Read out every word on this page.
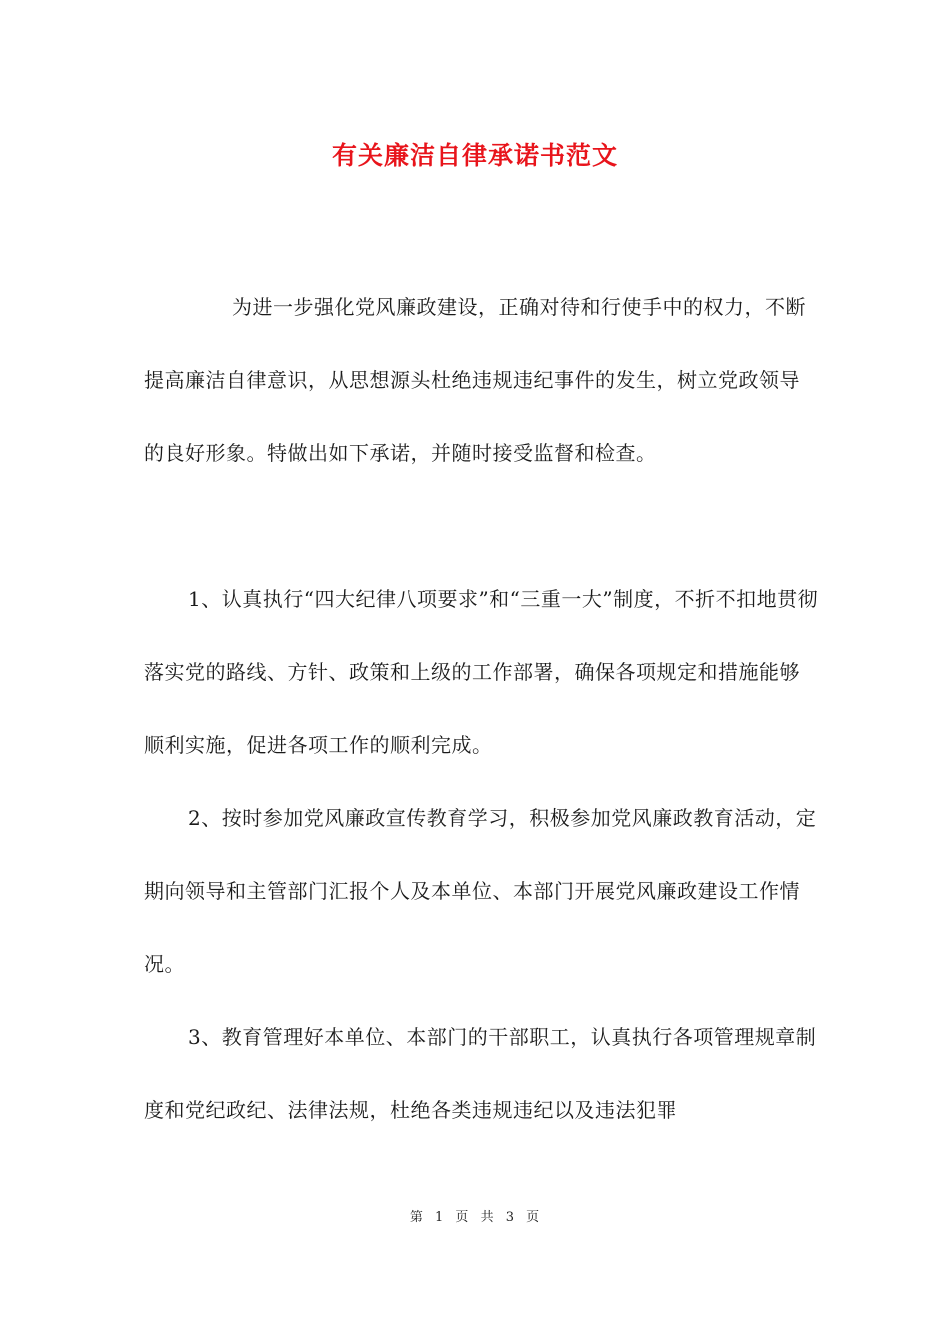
有关廉洁自律承诺书范文

为进一步强化党风廉政建设，正确对待和行使手中的权力，不断提高廉洁自律意识，从思想源头杜绝违规违纪事件的发生，树立党政领导的良好形象。特做出如下承诺，并随时接受监督和检查。

1、认真执行“四大纪律八项要求”和“三重一大”制度，不折不扣地贯彻落实党的路线、方针、政策和上级的工作部署，确保各项规定和措施能够顺利实施，促进各项工作的顺利完成。

2、按时参加党风廉政宣传教育学习，积极参加党风廉政教育活动，定期向领导和主管部门汇报个人及本单位、本部门开展党风廉政建设工作情况。

3、教育管理好本单位、本部门的干部职工，认真执行各项管理规章制度和党纪政纪、法律法规，杜绝各类违规违纪以及违法犯罪

第 1 页 共 3 页
